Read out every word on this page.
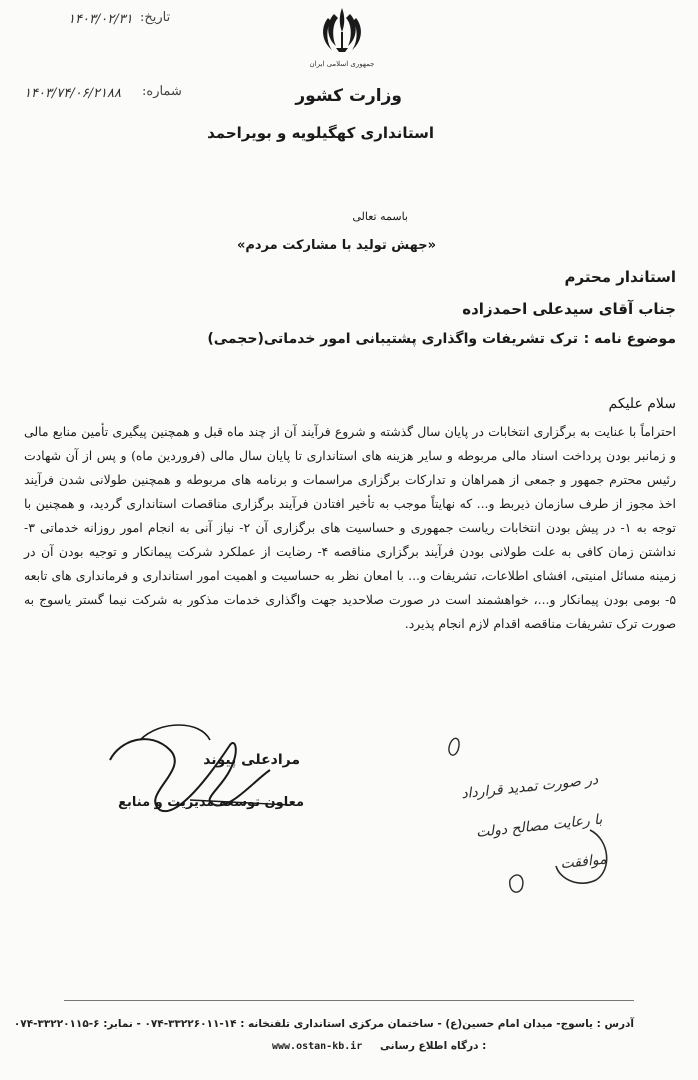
جمهوری اسلامی ایران
وزارت کشور
استانداری کهگیلویه و بویراحمد
تاریخ:
۱۴۰۳/۰۲/۳۱
شماره:
۱۴۰۳/۷۴/۰۶/۲۱۸۸
باسمه تعالی
«جهش تولید با مشارکت مردم»
استاندار محترم
جناب آقای سیدعلی احمدزاده
موضوع نامه :
ترک تشریفات واگذاری پشتیبانی امور خدماتی(حجمی)
سلام علیکم
احتراماً با عنایت به برگزاری انتخابات در پایان سال گذشته و شروع فرآیند آن از چند ماه قبل و همچنین پیگیری تأمین منابع مالی و زمانبر بودن پرداخت اسناد مالی مربوطه و سایر هزینه های استانداری تا پایان سال مالی (فروردین ماه) و پس از آن شهادت رئیس محترم جمهور و جمعی از همراهان و تدارکات برگزاری مراسمات و برنامه های مربوطه و همچنین طولانی شدن فرآیند اخذ مجوز از طرف سازمان ذیربط و... که نهایتاً موجب به تأخیر افتادن فرآیند برگزاری مناقصات استانداری گردید، و همچنین با توجه به ۱- در پیش بودن انتخابات ریاست جمهوری و حساسیت های برگزاری آن ۲- نیاز آنی به انجام امور روزانه خدماتی ۳- نداشتن زمان کافی به علت طولانی بودن فرآیند برگزاری مناقصه ۴- رضایت از عملکرد شرکت پیمانکار و توجیه بودن آن در زمینه مسائل امنیتی، افشای اطلاعات، تشریفات و... با امعان نظر به حساسیت و اهمیت امور استانداری و فرمانداری های تابعه ۵- بومی بودن پیمانکار و...، خواهشمند است در صورت صلاحدید جهت واگذاری خدمات مذکور به شرکت نیما گستر یاسوج به صورت ترک تشریفات مناقصه اقدام لازم انجام پذیرد.
مرادعلی پیوند
معاون توسعه مدیریت و منابع
در صورت تمدید قرارداد
با رعایت مصالح دولت
موافقت
آدرس : یاسوج- میدان امام حسین(ع) - ساختمان مرکزی استانداری تلفنخانه : ۱۴-۳۳۲۲۶۰۱۱-۰۷۴ - نمابر: ۶-۳۳۲۲۰۱۱۵-۰۷۴
www.ostan-kb.ir : درگاه اطلاع رسانی
